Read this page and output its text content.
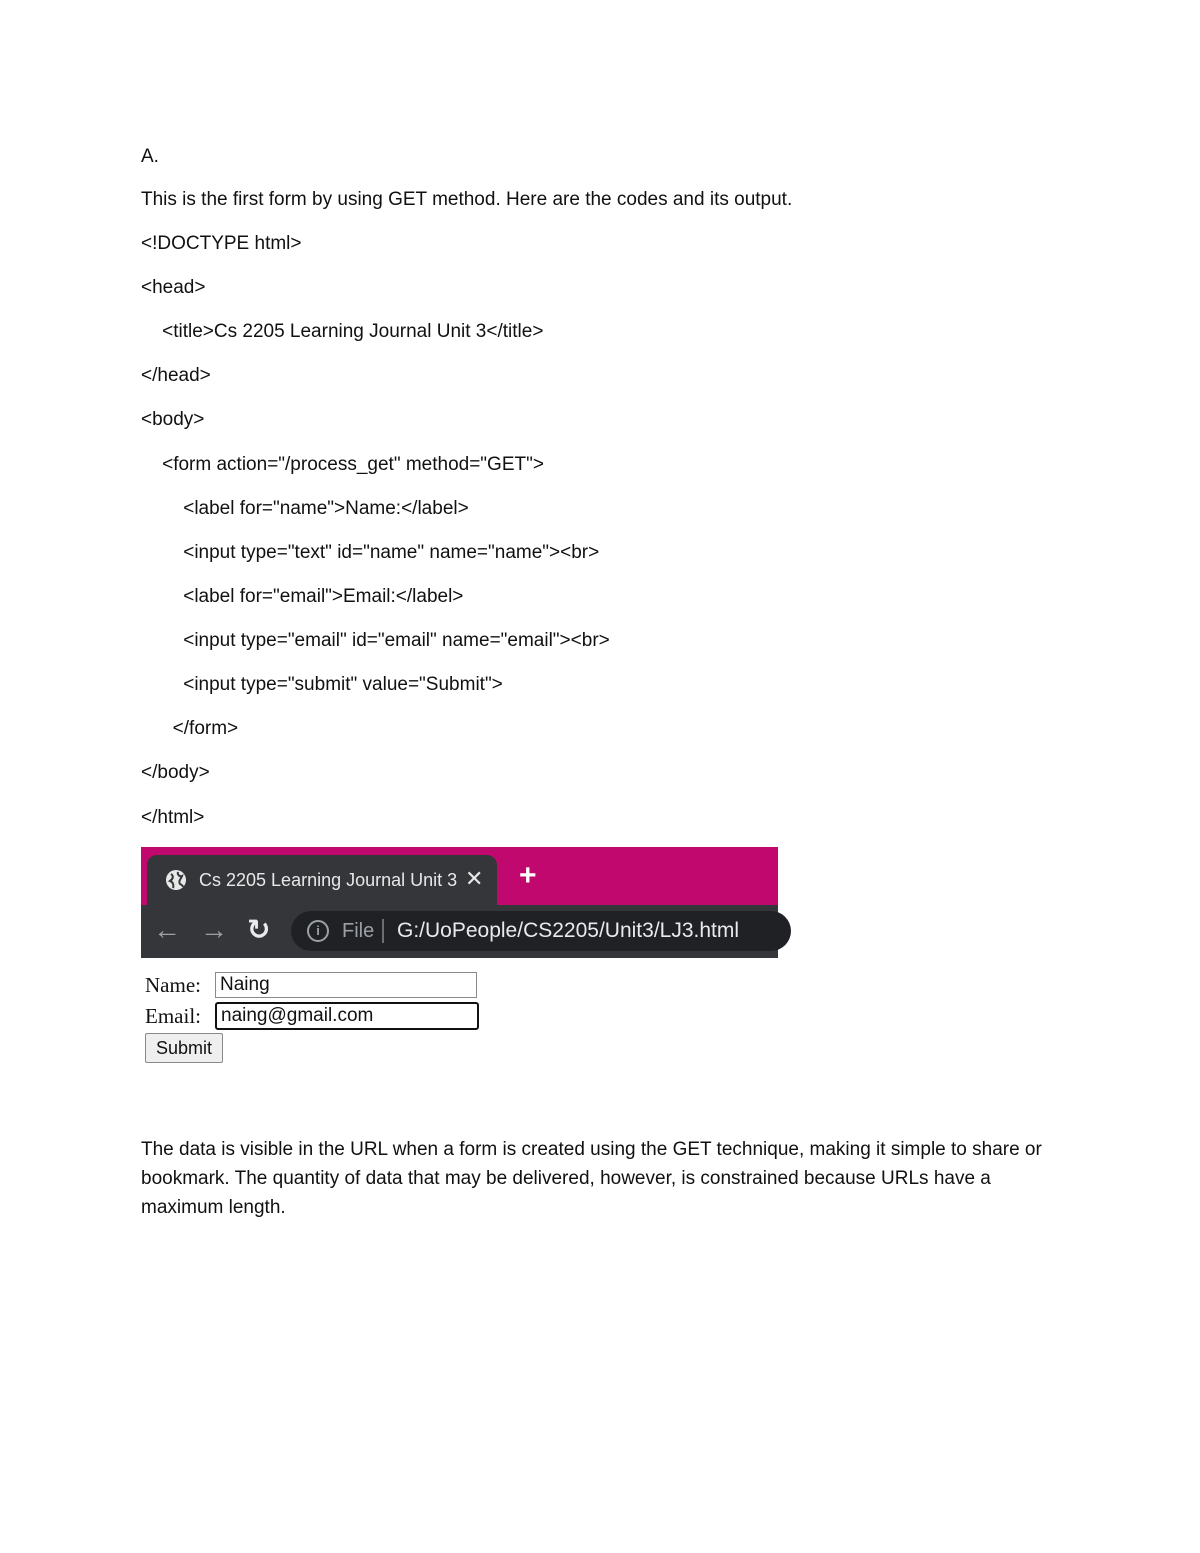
A.
This is the first form by using GET method. Here are the codes and its output.
<!DOCTYPE html>
<head>
<title>Cs 2205 Learning Journal Unit 3</title>
</head>
<body>
<form action="/process_get" method="GET">
<label for="name">Name:</label>
<input type="text" id="name" name="name"><br>
<label for="email">Email:</label>
<input type="email" id="email" name="email"><br>
<input type="submit" value="Submit">
</form>
</body>
</html>
The data is visible in the URL when a form is created using the GET technique, making it simple to share or bookmark. The quantity of data that may be delivered, however, is constrained because URLs have a maximum length.
Cs 2205 Learning Journal Unit 3 ✕ +
← → ↻	i	File G:/UoPeople/CS2205/Unit3/LJ3.html
Name: Naing
Email:	naing@gmail.com
Submit
